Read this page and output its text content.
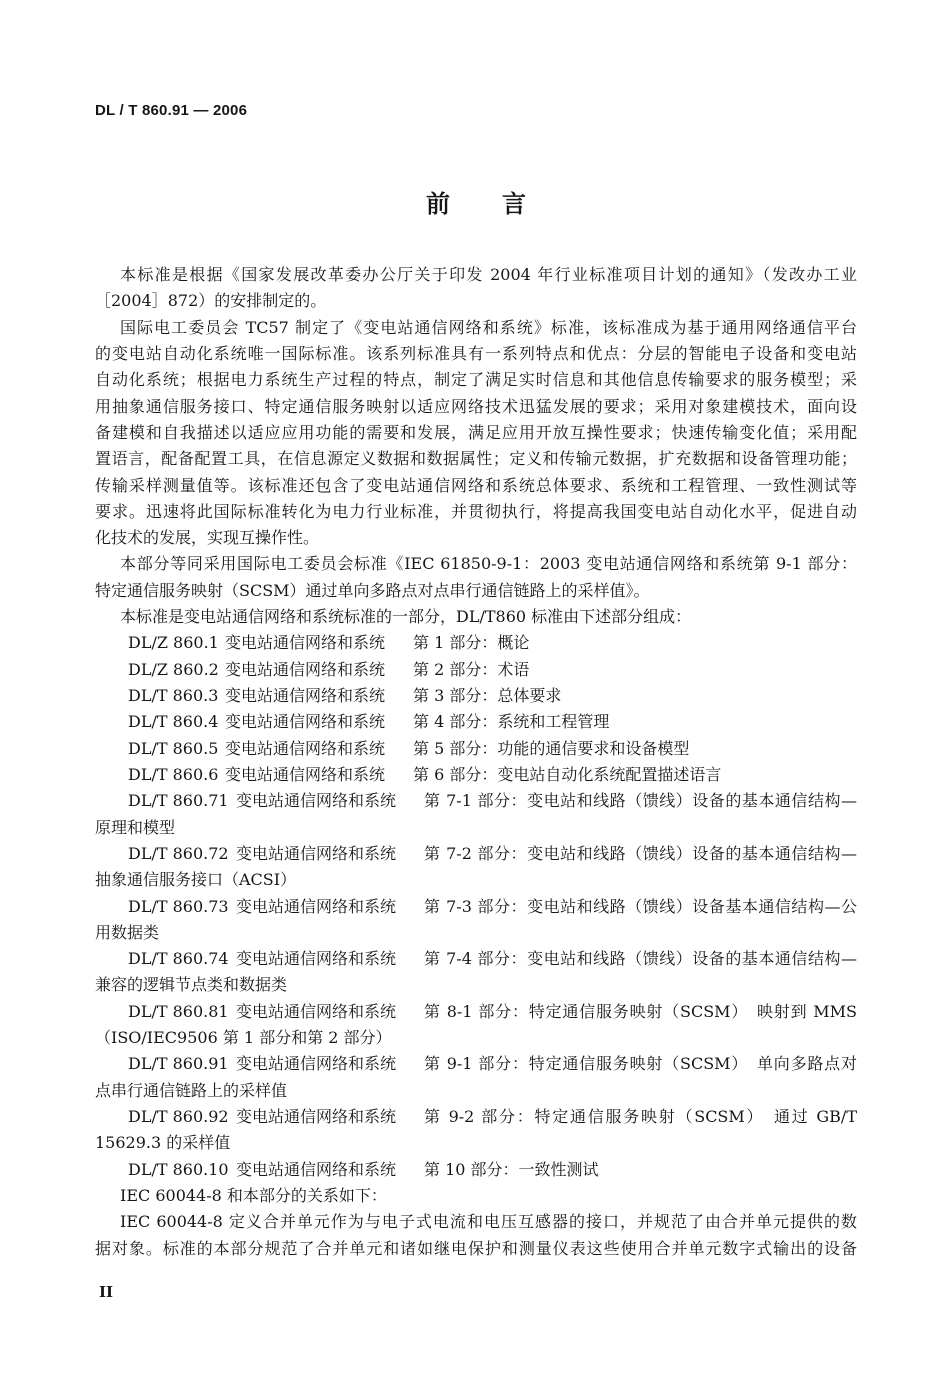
DL / T 860.91 — 2006
前　言
本标准是根据《国家发展改革委办公厅关于印发 2004 年行业标准项目计划的通知》（发改办工业
［2004］872）的安排制定的。
国际电工委员会 TC57 制定了《变电站通信网络和系统》标准，该标准成为基于通用网络通信平台
的变电站自动化系统唯一国际标准。该系列标准具有一系列特点和优点：分层的智能电子设备和变电站
自动化系统；根据电力系统生产过程的特点，制定了满足实时信息和其他信息传输要求的服务模型；采
用抽象通信服务接口、特定通信服务映射以适应网络技术迅猛发展的要求；采用对象建模技术，面向设
备建模和自我描述以适应应用功能的需要和发展，满足应用开放互操性要求；快速传输变化值；采用配
置语言，配备配置工具，在信息源定义数据和数据属性；定义和传输元数据，扩充数据和设备管理功能；
传输采样测量值等。该标准还包含了变电站通信网络和系统总体要求、系统和工程管理、一致性测试等
要求。迅速将此国际标准转化为电力行业标准，并贯彻执行，将提高我国变电站自动化水平，促进自动
化技术的发展，实现互操作性。
本部分等同采用国际电工委员会标准《IEC 61850-9-1：2003 变电站通信网络和系统第 9-1 部分：
特定通信服务映射（SCSM）通过单向多路点对点串行通信链路上的采样值》。
本标准是变电站通信网络和系统标准的一部分，DL/T860 标准由下述部分组成：
DL/Z 860.1 变电站通信网络和系统	第 1 部分：概论
DL/Z 860.2 变电站通信网络和系统	第 2 部分：术语
DL/T 860.3 变电站通信网络和系统	第 3 部分：总体要求
DL/T 860.4 变电站通信网络和系统	第 4 部分：系统和工程管理
DL/T 860.5 变电站通信网络和系统	第 5 部分：功能的通信要求和设备模型
DL/T 860.6 变电站通信网络和系统	第 6 部分：变电站自动化系统配置描述语言
DL/T 860.71 变电站通信网络和系统	第 7-1 部分：变电站和线路（馈线）设备的基本通信结构—
原理和模型
DL/T 860.72 变电站通信网络和系统	第 7-2 部分：变电站和线路（馈线）设备的基本通信结构—
抽象通信服务接口（ACSI）
DL/T 860.73 变电站通信网络和系统	第 7-3 部分：变电站和线路（馈线）设备基本通信结构—公
用数据类
DL/T 860.74 变电站通信网络和系统	第 7-4 部分：变电站和线路（馈线）设备的基本通信结构—
兼容的逻辑节点类和数据类
DL/T 860.81 变电站通信网络和系统	第 8-1 部分：特定通信服务映射（SCSM）　映射到 MMS
（ISO/IEC9506 第 1 部分和第 2 部分）
DL/T 860.91 变电站通信网络和系统	第 9-1 部分：特定通信服务映射（SCSM）　单向多路点对
点串行通信链路上的采样值
DL/T 860.92 变电站通信网络和系统	第 9-2 部分：特定通信服务映射（SCSM）　通过 GB/T
15629.3 的采样值
DL/T 860.10 变电站通信网络和系统	第 10 部分：一致性测试
IEC 60044-8 和本部分的关系如下：
IEC 60044-8 定义合并单元作为与电子式电流和电压互感器的接口，并规范了由合并单元提供的数
据对象。标准的本部分规范了合并单元和诸如继电保护和测量仪表这些使用合并单元数字式输出的设备
II
